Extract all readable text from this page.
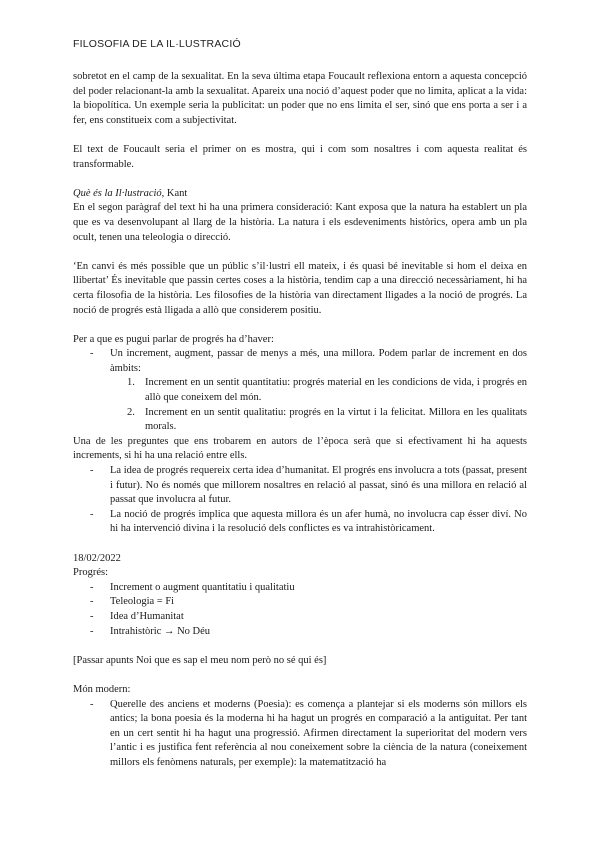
FILOSOFIA DE LA IL·LUSTRACIÓ

sobretot en el camp de la sexualitat. En la seva última etapa Foucault reflexiona entorn a aquesta concepció del poder relacionant-la amb la sexualitat. Apareix una noció d’aquest poder que no limita, aplicat a la vida: la biopolítica. Un exemple seria la publicitat: un poder que no ens limita el ser, sinó que ens porta a ser i a fer, ens constitueix com a subjectivitat.

El text de Foucault seria el primer on es mostra, qui i com som nosaltres i com aquesta realitat és transformable.

Què és la Il·lustració, Kant

En el segon paràgraf del text hi ha una primera consideració: Kant exposa que la natura ha establert un pla que es va desenvolupant al llarg de la història. La natura i els esdeveniments històrics, opera amb un pla ocult, tenen una teleologia o direcció.

‘En canvi és més possible que un públic s’il·lustri ell mateix, i és quasi bé inevitable si hom el deixa en llibertat’ És inevitable que passin certes coses a la història, tendim cap a una direcció necessàriament, hi ha certa filosofia de la història. Les filosofies de la història van directament lligades a la noció de progrés. La noció de progrés està lligada a allò que considerem positiu.

Per a que es pugui parlar de progrés ha d’haver:

- Un increment, augment, passar de menys a més, una millora. Podem parlar de increment en dos àmbits:
1. Increment en un sentit quantitatiu: progrés material en les condicions de vida, i progrés en allò que coneixem del món.
2. Increment en un sentit qualitatiu: progrés en la virtut i la felicitat. Millora en les qualitats morals.

Una de les preguntes que ens trobarem en autors de l’època serà que si efectivament hi ha aquests increments, si hi ha una relació entre ells.

- La idea de progrés requereix certa idea d’humanitat. El progrés ens involucra a tots (passat, present i futur). No és només que millorem nosaltres en relació al passat, sinó és una millora en relació al passat que involucra al futur.
- La noció de progrés implica que aquesta millora és un afer humà, no involucra cap ésser diví. No hi ha intervenció divina i la resolució dels conflictes es va intrahistòricament.

18/02/2022

Progrés:

- Increment o augment quantitatiu i qualitatiu
- Teleologia = Fi
- Idea d’Humanitat
- Intrahistòric → No Déu

[Passar apunts Noi que es sap el meu nom però no sé qui és]

Món modern:

- Querelle des anciens et moderns (Poesia): es comença a plantejar si els moderns són millors els antics; la bona poesia és la moderna hi ha hagut un progrés en comparació a la antiguitat. Per tant en un cert sentit hi ha hagut una progressió. Afirmen directament la superioritat del modern vers l’antic i es justifica fent referència al nou coneixement sobre la ciència de la natura (coneixement millors els fenòmens naturals, per exemple): la matematització ha
